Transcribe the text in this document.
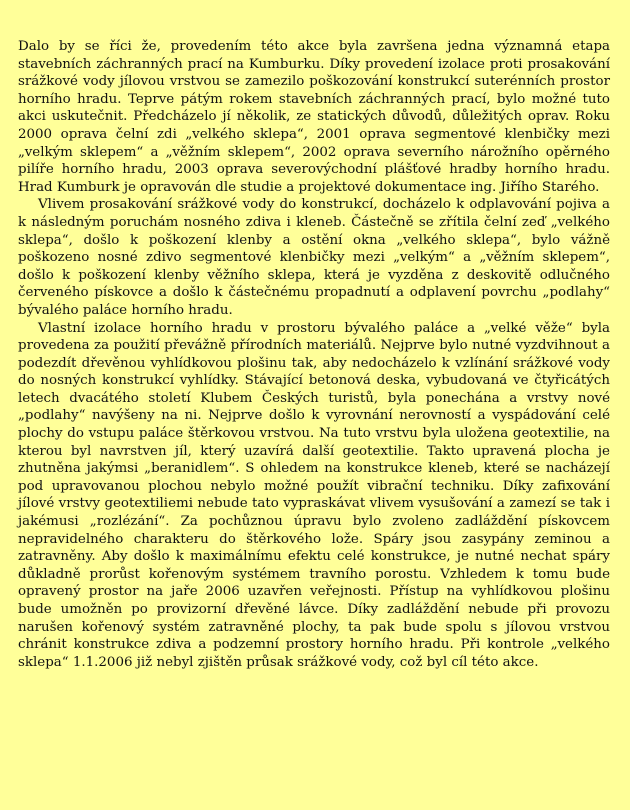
Dalo by se říci že, provedením této akce byla završena jedna významná etapa stavebních záchranných prací na Kumburku. Díky provedení izolace proti prosakování srážkové vody jílovou vrstvou se zamezilo poškozování konstrukcí suterénních prostor horního hradu. Teprve pátým rokem stavebních záchranných prací, bylo možné tuto akci uskutečnit. Předcházelo jí několik, ze statických důvodů, důležitých oprav. Roku 2000 oprava čelní zdi „velkého sklepa“, 2001 oprava segmentové klenbičky mezi „velkým sklepem“ a „věžním sklepem“, 2002 oprava severního nárožního opěrného pilíře horního hradu, 2003 oprava severovýchodní plášťové hradby horního hradu. Hrad Kumburk je opravován dle studie a projektové dokumentace ing. Jiřího Starého.

Vlivem prosakování srážkové vody do konstrukcí, docházelo k odplavování pojiva a k následným poruchám nosného zdiva i kleneb. Částečně se zřítila čelní zeď „velkého sklepa“, došlo k poškození klenby a ostění okna „velkého sklepa“, bylo vážně poškozeno nosné zdivo segmentové klenbičky mezi „velkým“ a „věžním sklepem“, došlo k poškození klenby věžního sklepa, která je vyzděna z deskovitě odlučného červeného pískovce a došlo k částečnému propadnutí a odplavení povrchu „podlahy“ bývalého paláce horního hradu.

Vlastní izolace horního hradu v prostoru bývalého paláce a „velké věže“ byla provedena za použití převážně přírodních materiálů. Nejprve bylo nutné vyzdvihnout a podezdít dřevěnou vyhlídkovou plošinu tak, aby nedocházelo k vzlínání srážkové vody do nosných konstrukcí vyhlídky. Stávající betonová deska, vybudovaná ve čtyřicátých letech dvacátého století Klubem Českých turistů, byla ponechána a vrstvy nové „podlahy“ navýšeny na ni. Nejprve došlo k vyrovnání nerovností a vyspádování celé plochy do vstupu paláce štěrkovou vrstvou. Na tuto vrstvu byla uložena geotextilie, na kterou byl navrstven jíl, který uzavírá další geotextilie. Takto upravená plocha je zhutněna jakýmsi „beranidlem“. S ohledem na konstrukce kleneb, které se nacházejí pod upravovanou plochou nebylo možné použít vibrační techniku. Díky zafixování jílové vrstvy geotextiliemi nebude tato vypraskávat vlivem vysušování a zamezí se tak i jakémusi „rozlézání“. Za pochůznou úpravu bylo zvoleno zadláždění pískovcem nepravidelného charakteru do štěrkového lože. Spáry jsou zasypány zeminou a zatravněny. Aby došlo k maximálnímu efektu celé konstrukce, je nutné nechat spáry důkladně prorůst kořenovým systémem travního porostu. Vzhledem k tomu bude opravený prostor na jaře 2006 uzavřen veřejnosti. Přístup na vyhlídkovou plošinu bude umožněn po provizorní dřevěné lávce. Díky zadláždění nebude při provozu narušen kořenový systém zatravněné plochy, ta pak bude spolu s jílovou vrstvou chránit konstrukce zdiva a podzemní prostory horního hradu. Při kontrole „velkého sklepa“ 1.1.2006 již nebyl zjištěn průsak srážkové vody, což byl cíl této akce.
